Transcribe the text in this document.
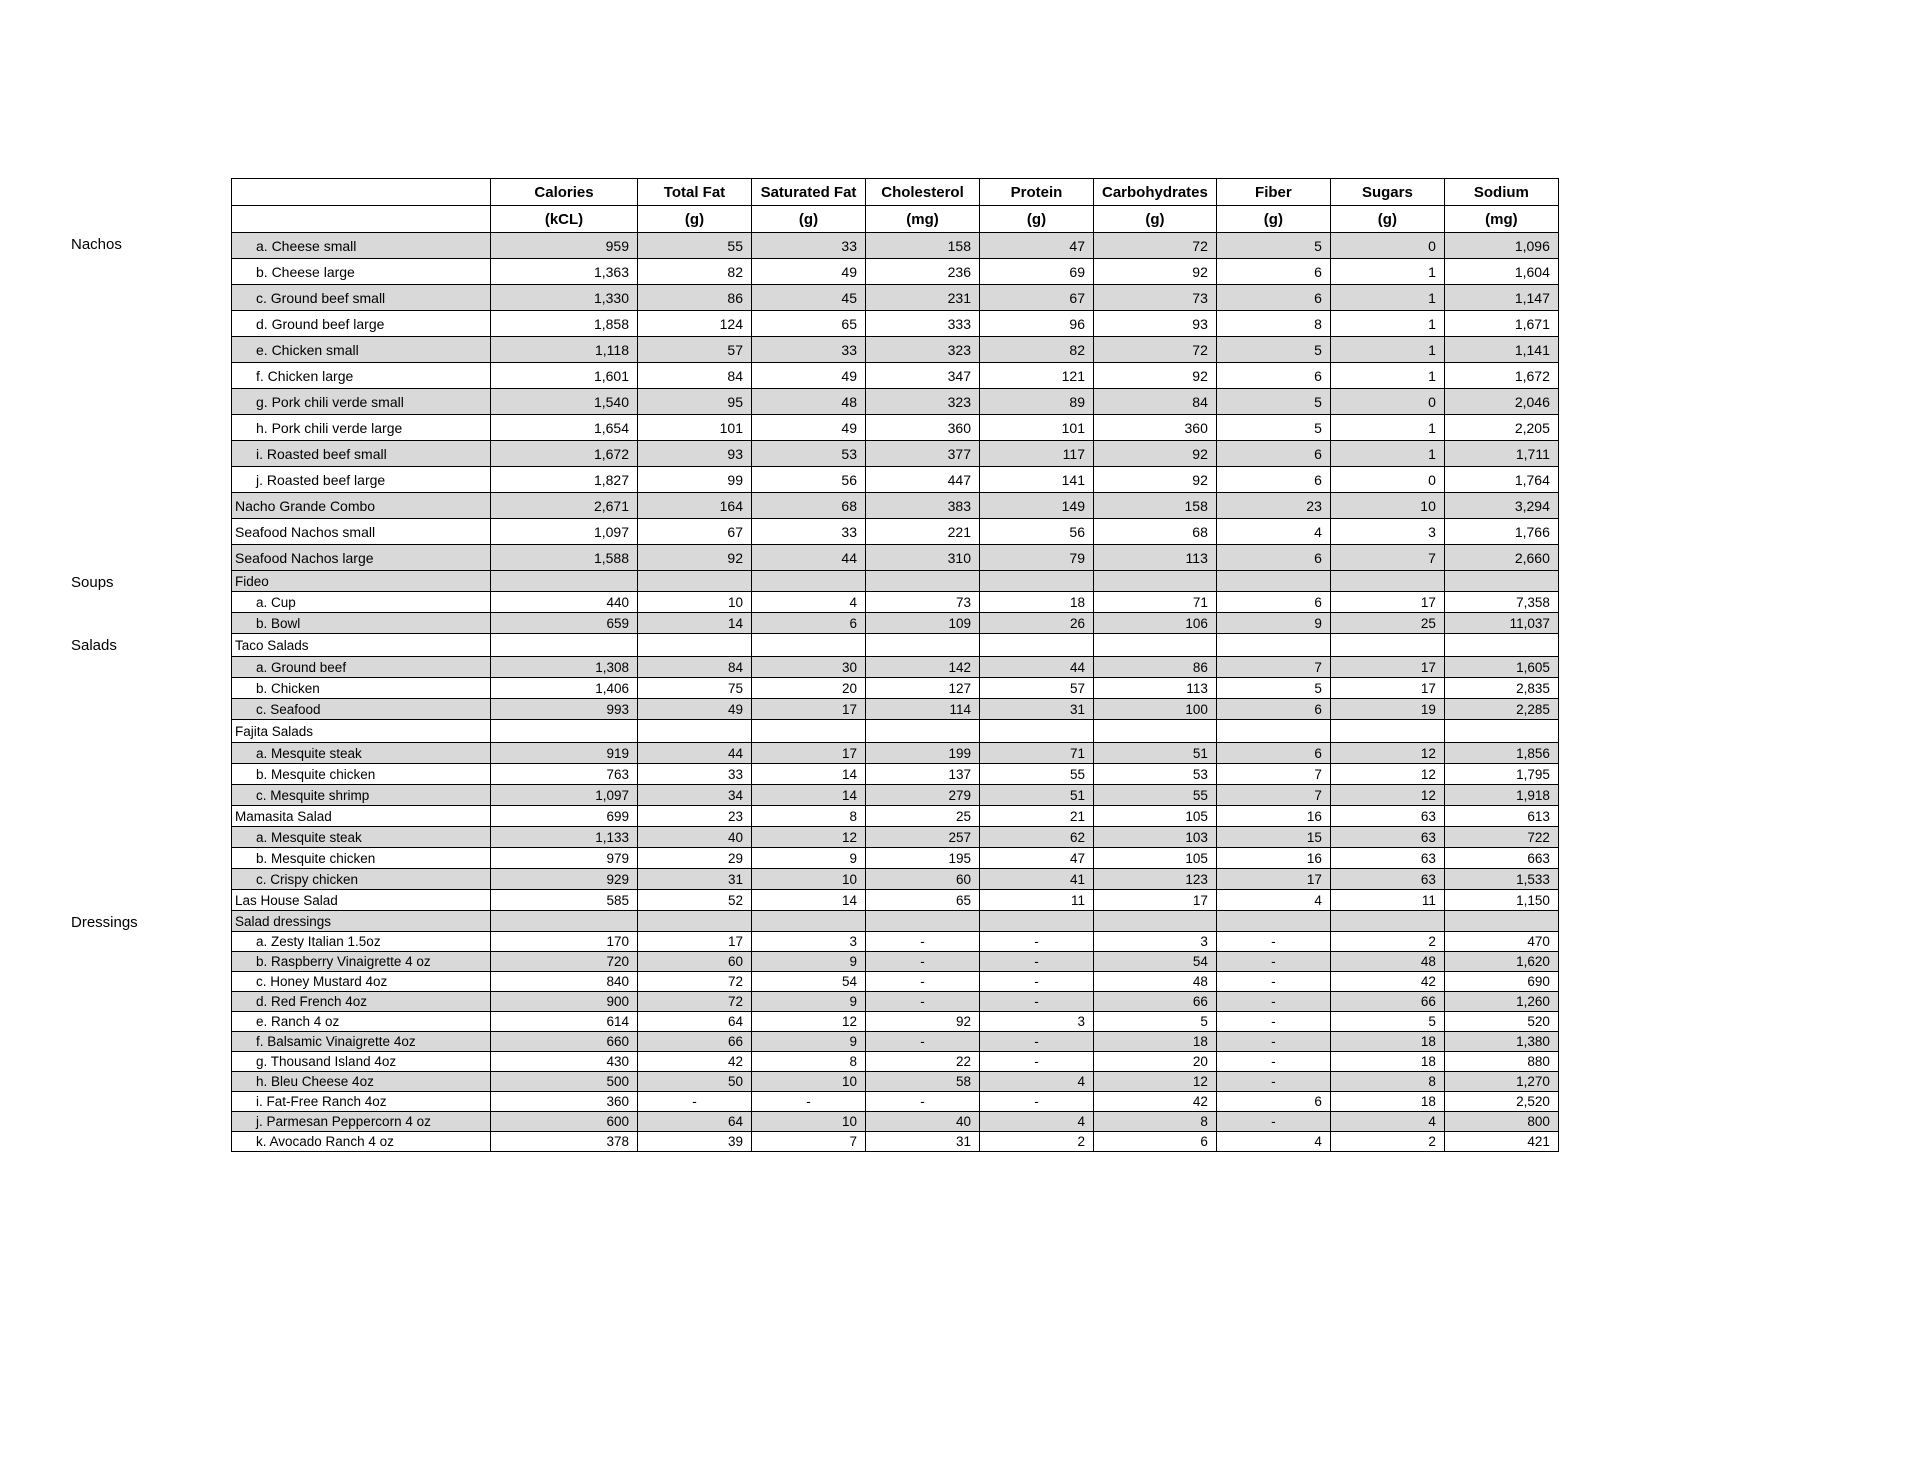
	Calories	Total Fat	Saturated Fat	Cholesterol	Protein	Carbohydrates	Fiber	Sugars	Sodium
	(kCL)	(g)	(g)	(mg)	(g)	(g)	(g)	(g)	(mg)
a. Cheese small	959	55	33	158	47	72	5	0	1,096
b. Cheese large	1,363	82	49	236	69	92	6	1	1,604
c. Ground beef small	1,330	86	45	231	67	73	6	1	1,147
d. Ground beef large	1,858	124	65	333	96	93	8	1	1,671
e. Chicken small	1,118	57	33	323	82	72	5	1	1,141
f. Chicken large	1,601	84	49	347	121	92	6	1	1,672
g. Pork chili verde small	1,540	95	48	323	89	84	5	0	2,046
h. Pork chili verde large	1,654	101	49	360	101	360	5	1	2,205
i. Roasted beef small	1,672	93	53	377	117	92	6	1	1,711
j. Roasted beef large	1,827	99	56	447	141	92	6	0	1,764
Nacho Grande Combo	2,671	164	68	383	149	158	23	10	3,294
Seafood Nachos small	1,097	67	33	221	56	68	4	3	1,766
Seafood Nachos large	1,588	92	44	310	79	113	6	7	2,660
Fideo									
a. Cup	440	10	4	73	18	71	6	17	7,358
b. Bowl	659	14	6	109	26	106	9	25	11,037
Taco Salads									
a. Ground beef	1,308	84	30	142	44	86	7	17	1,605
b. Chicken	1,406	75	20	127	57	113	5	17	2,835
c. Seafood	993	49	17	114	31	100	6	19	2,285
Fajita Salads									
a. Mesquite steak	919	44	17	199	71	51	6	12	1,856
b. Mesquite chicken	763	33	14	137	55	53	7	12	1,795
c. Mesquite shrimp	1,097	34	14	279	51	55	7	12	1,918
Mamasita Salad	699	23	8	25	21	105	16	63	613
a. Mesquite steak	1,133	40	12	257	62	103	15	63	722
b. Mesquite chicken	979	29	9	195	47	105	16	63	663
c. Crispy chicken	929	31	10	60	41	123	17	63	1,533
Las House Salad	585	52	14	65	11	17	4	11	1,150
Salad dressings									
a. Zesty Italian 1.5oz	170	17	3	-	-	3	-	2	470
b. Raspberry Vinaigrette 4 oz	720	60	9	-	-	54	-	48	1,620
c. Honey Mustard 4oz	840	72	54	-	-	48	-	42	690
d. Red French 4oz	900	72	9	-	-	66	-	66	1,260
e. Ranch 4 oz	614	64	12	92	3	5	-	5	520
f. Balsamic Vinaigrette 4oz	660	66	9	-	-	18	-	18	1,380
g. Thousand Island 4oz	430	42	8	22	-	20	-	18	880
h. Bleu Cheese 4oz	500	50	10	58	4	12	-	8	1,270
i. Fat-Free Ranch 4oz	360	-	-	-	-	42	6	18	2,520
j. Parmesan Peppercorn 4 oz	600	64	10	40	4	8	-	4	800
k. Avocado Ranch 4 oz	378	39	7	31	2	6	4	2	421
Nachos
Soups
Salads
Dressings
